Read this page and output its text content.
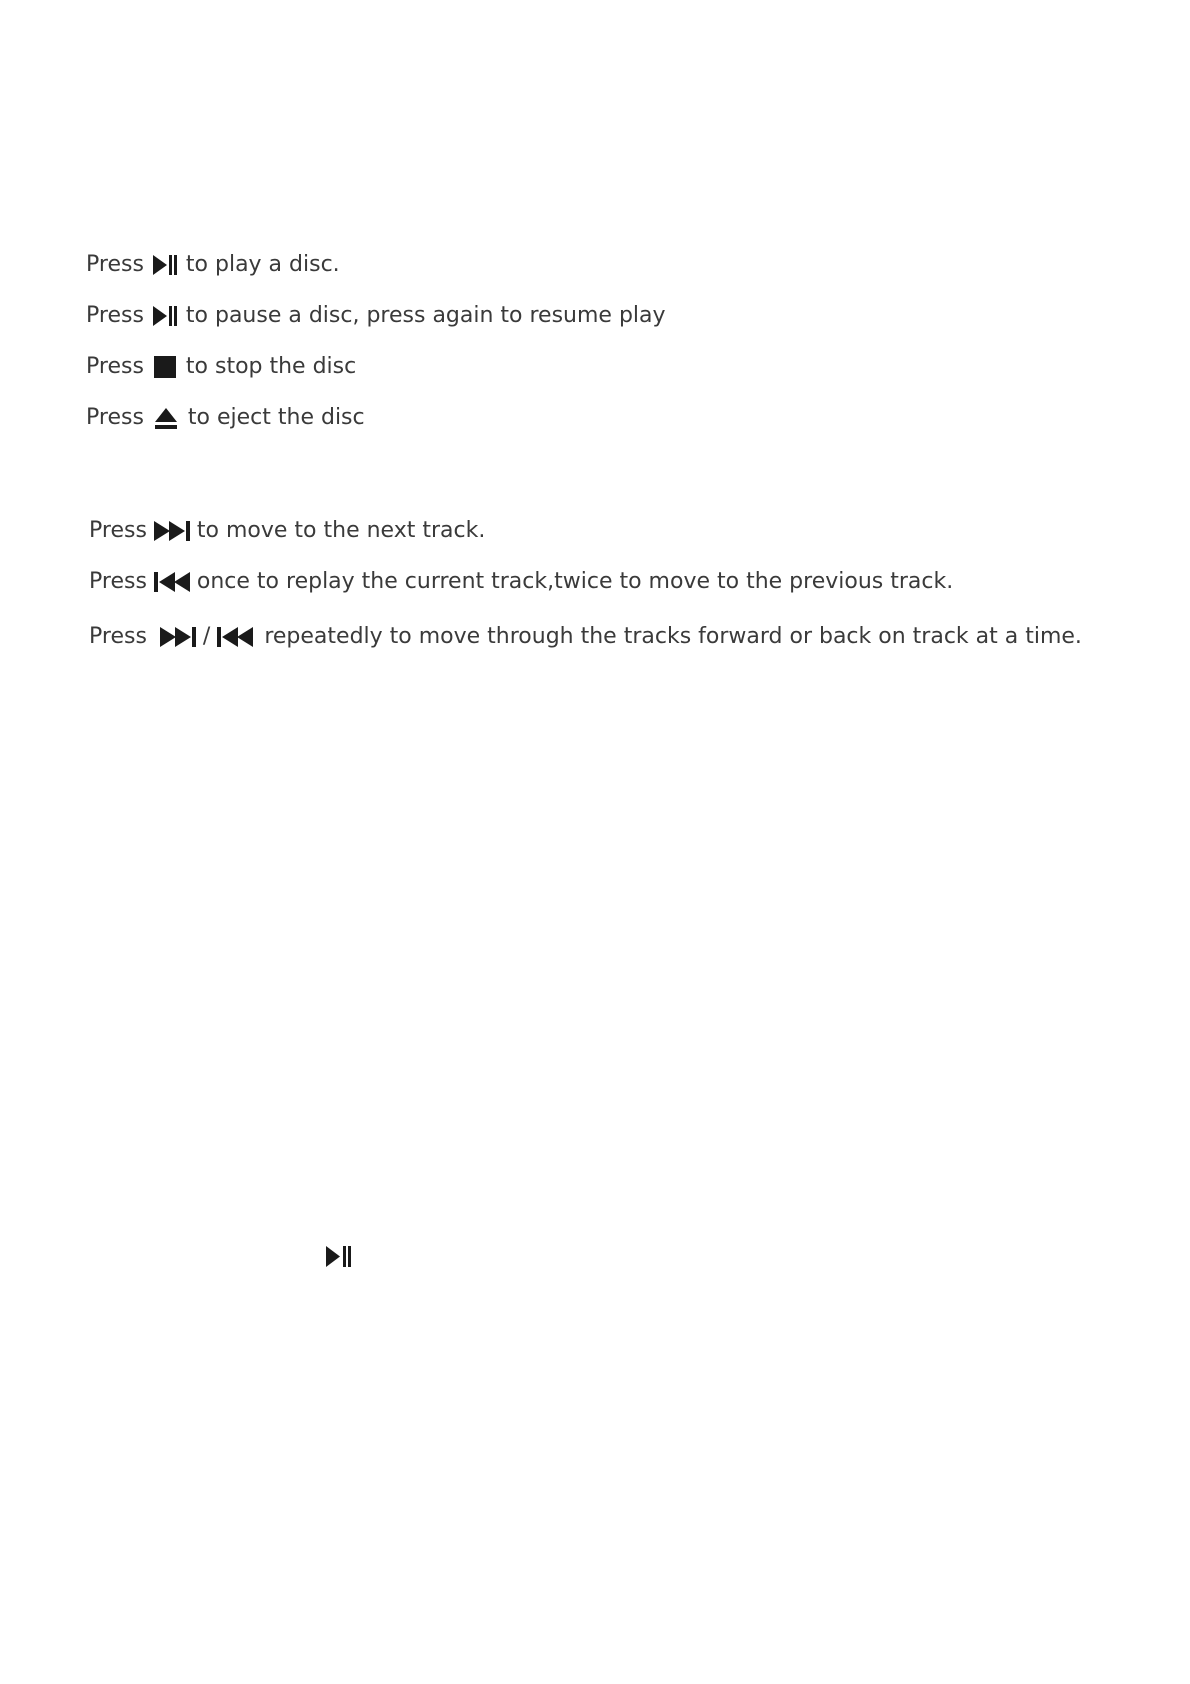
Press to play a disc.
Press to pause a disc, press again to resume play
Press to stop the disc
Press to eject the disc
Press to move to the next track.
Press once to replay the current track,twice to move to the previous track.
Press	/ repeatedly to move through the tracks forward or back on track at a time.
